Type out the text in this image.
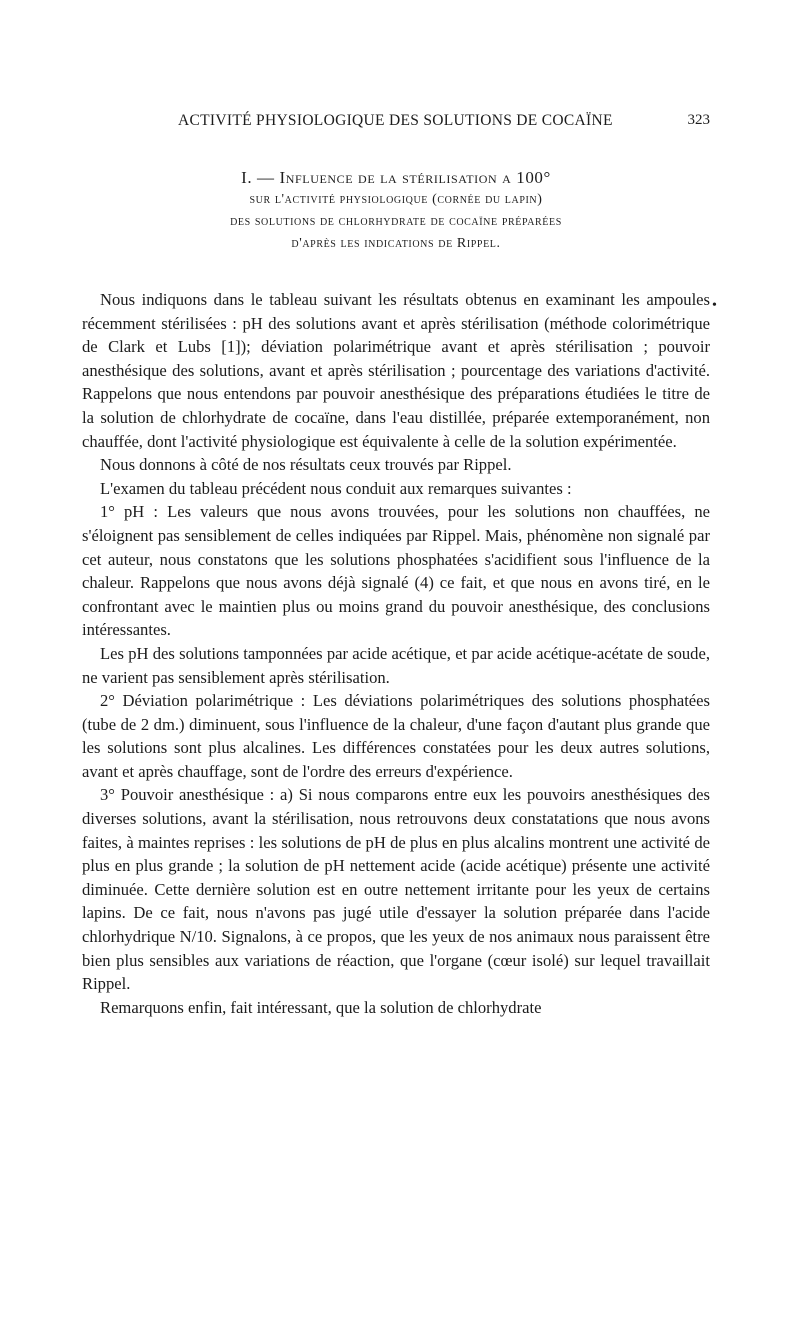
ACTIVITÉ PHYSIOLOGIQUE DES SOLUTIONS DE COCAÏNE	323
I. — Influence de la stérilisation a 100°
sur l'activité physiologique (cornée du lapin)
des solutions de chlorhydrate de cocaïne préparées
d'après les indications de Rippel.

Nous indiquons dans le tableau suivant les résultats obtenus en examinant les ampoules récemment stérilisées : pH des solutions avant et après stérilisation (méthode colorimétrique de Clark et Lubs [1]); déviation polarimétrique avant et après stérilisation ; pouvoir anesthésique des solutions, avant et après stérilisation ; pourcentage des variations d'activité. Rappelons que nous entendons par pouvoir anesthésique des préparations étudiées le titre de la solution de chlorhydrate de cocaïne, dans l'eau distillée, préparée extemporanément, non chauffée, dont l'activité physiologique est équivalente à celle de la solution expérimentée.

Nous donnons à côté de nos résultats ceux trouvés par Rippel.

L'examen du tableau précédent nous conduit aux remarques suivantes :

1° pH : Les valeurs que nous avons trouvées, pour les solutions non chauffées, ne s'éloignent pas sensiblement de celles indiquées par Rippel. Mais, phénomène non signalé par cet auteur, nous constatons que les solutions phosphatées s'acidifient sous l'influence de la chaleur. Rappelons que nous avons déjà signalé (4) ce fait, et que nous en avons tiré, en le confrontant avec le maintien plus ou moins grand du pouvoir anesthésique, des conclusions intéressantes.

Les pH des solutions tamponnées par acide acétique, et par acide acétique-acétate de soude, ne varient pas sensiblement après stérilisation.

2° Déviation polarimétrique : Les déviations polarimétriques des solutions phosphatées (tube de 2 dm.) diminuent, sous l'influence de la chaleur, d'une façon d'autant plus grande que les solutions sont plus alcalines. Les différences constatées pour les deux autres solutions, avant et après chauffage, sont de l'ordre des erreurs d'expérience.

3° Pouvoir anesthésique : a) Si nous comparons entre eux les pouvoirs anesthésiques des diverses solutions, avant la stérilisation, nous retrouvons deux constatations que nous avons faites, à maintes reprises : les solutions de pH de plus en plus alcalins montrent une activité de plus en plus grande ; la solution de pH nettement acide (acide acétique) présente une activité diminuée. Cette dernière solution est en outre nettement irritante pour les yeux de certains lapins. De ce fait, nous n'avons pas jugé utile d'essayer la solution préparée dans l'acide chlorhydrique N/10. Signalons, à ce propos, que les yeux de nos animaux nous paraissent être bien plus sensibles aux variations de réaction, que l'organe (cœur isolé) sur lequel travaillait Rippel.

Remarquons enfin, fait intéressant, que la solution de chlorhydrate

•
